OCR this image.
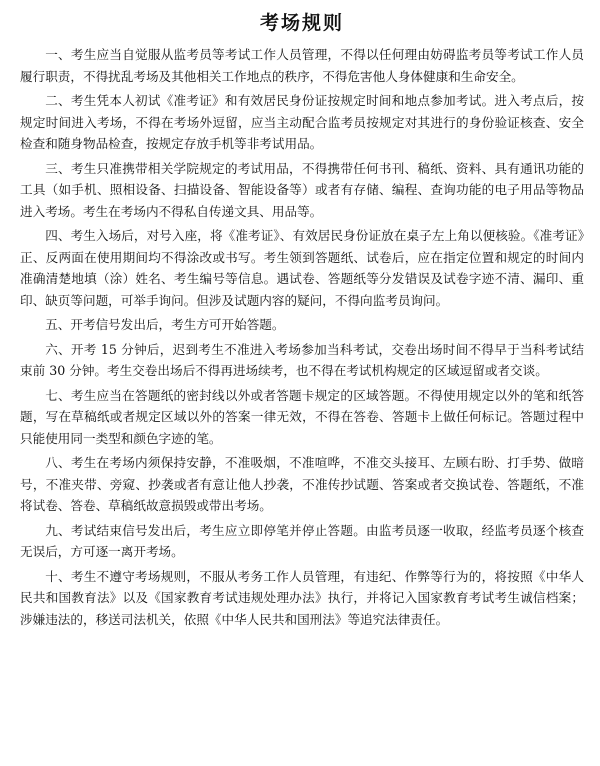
考场规则

一、考生应当自觉服从监考员等考试工作人员管理，不得以任何理由妨碍监考员等考试工作人员履行职责，不得扰乱考场及其他相关工作地点的秩序，不得危害他人身体健康和生命安全。

二、考生凭本人初试《准考证》和有效居民身份证按规定时间和地点参加考试。进入考点后，按规定时间进入考场，不得在考场外逗留，应当主动配合监考员按规定对其进行的身份验证核查、安全检查和随身物品检查，按规定存放手机等非考试用品。

三、考生只准携带相关学院规定的考试用品，不得携带任何书刊、稿纸、资料、具有通讯功能的工具（如手机、照相设备、扫描设备、智能设备等）或者有存储、编程、查询功能的电子用品等物品进入考场。考生在考场内不得私自传递文具、用品等。

四、考生入场后，对号入座，将《准考证》、有效居民身份证放在桌子左上角以便核验。《准考证》正、反两面在使用期间均不得涂改或书写。考生领到答题纸、试卷后，应在指定位置和规定的时间内准确清楚地填（涂）姓名、考生编号等信息。遇试卷、答题纸等分发错误及试卷字迹不清、漏印、重印、缺页等问题，可举手询问。但涉及试题内容的疑问，不得向监考员询问。

五、开考信号发出后，考生方可开始答题。

六、开考 15 分钟后，迟到考生不准进入考场参加当科考试，交卷出场时间不得早于当科考试结束前 30 分钟。考生交卷出场后不得再进场续考，也不得在考试机构规定的区域逗留或者交谈。

七、考生应当在答题纸的密封线以外或者答题卡规定的区域答题。不得使用规定以外的笔和纸答题，写在草稿纸或者规定区域以外的答案一律无效，不得在答卷、答题卡上做任何标记。答题过程中只能使用同一类型和颜色字迹的笔。

八、考生在考场内须保持安静，不准吸烟，不准喧哗，不准交头接耳、左顾右盼、打手势、做暗号，不准夹带、旁窥、抄袭或者有意让他人抄袭，不准传抄试题、答案或者交换试卷、答题纸，不准将试卷、答卷、草稿纸故意损毁或带出考场。

九、考试结束信号发出后，考生应立即停笔并停止答题。由监考员逐一收取，经监考员逐个核查无误后，方可逐一离开考场。

十、考生不遵守考场规则，不服从考务工作人员管理，有违纪、作弊等行为的，将按照《中华人民共和国教育法》以及《国家教育考试违规处理办法》执行，并将记入国家教育考试考生诚信档案；涉嫌违法的，移送司法机关，依照《中华人民共和国刑法》等追究法律责任。
